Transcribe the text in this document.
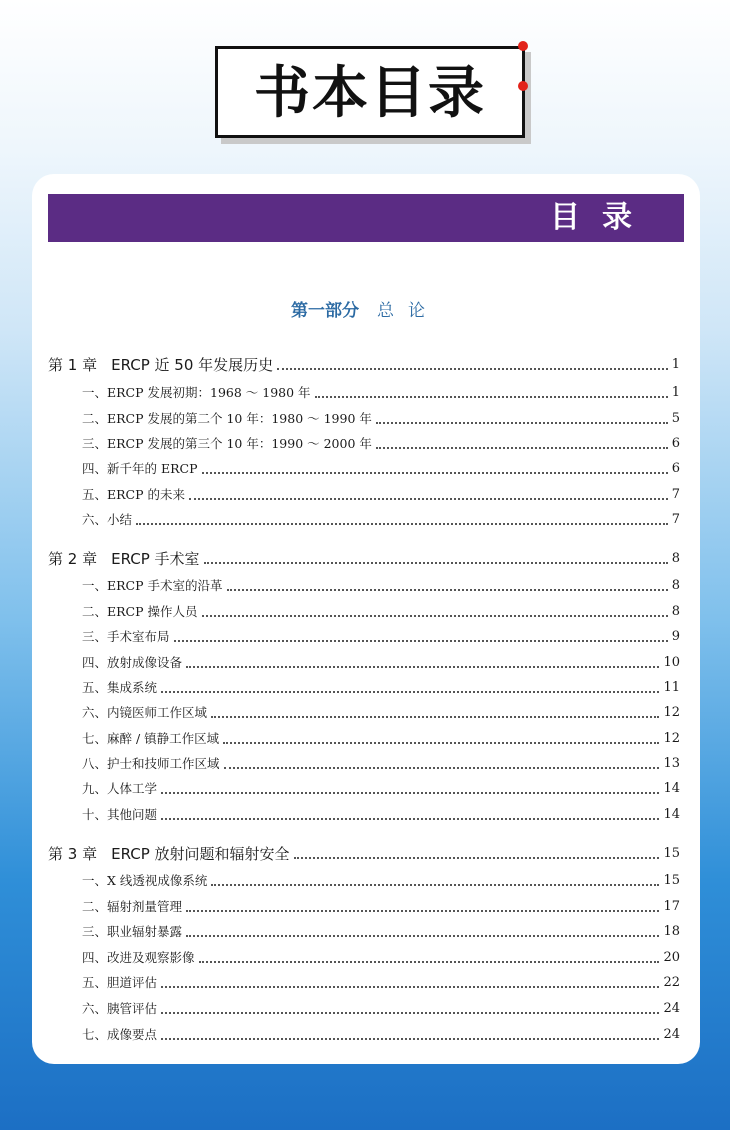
书本目录
目录
第一部分 总论
第 1 章 ERCP 近 50 年发展历史	1
一、ERCP 发展初期：1968 ～ 1980 年	1
二、ERCP 发展的第二个 10 年：1980 ～ 1990 年	5
三、ERCP 发展的第三个 10 年：1990 ～ 2000 年	6
四、新千年的 ERCP	6
五、ERCP 的未来	7
六、小结	7
第 2 章 ERCP 手术室	8
一、ERCP 手术室的沿革	8
二、ERCP 操作人员	8
三、手术室布局	9
四、放射成像设备	10
五、集成系统	11
六、内镜医师工作区域	12
七、麻醉 / 镇静工作区域	12
八、护士和技师工作区域	13
九、人体工学	14
十、其他问题	14
第 3 章 ERCP 放射问题和辐射安全	15
一、X 线透视成像系统	15
二、辐射剂量管理	17
三、职业辐射暴露	18
四、改进及观察影像	20
五、胆道评估	22
六、胰管评估	24
七、成像要点	24
